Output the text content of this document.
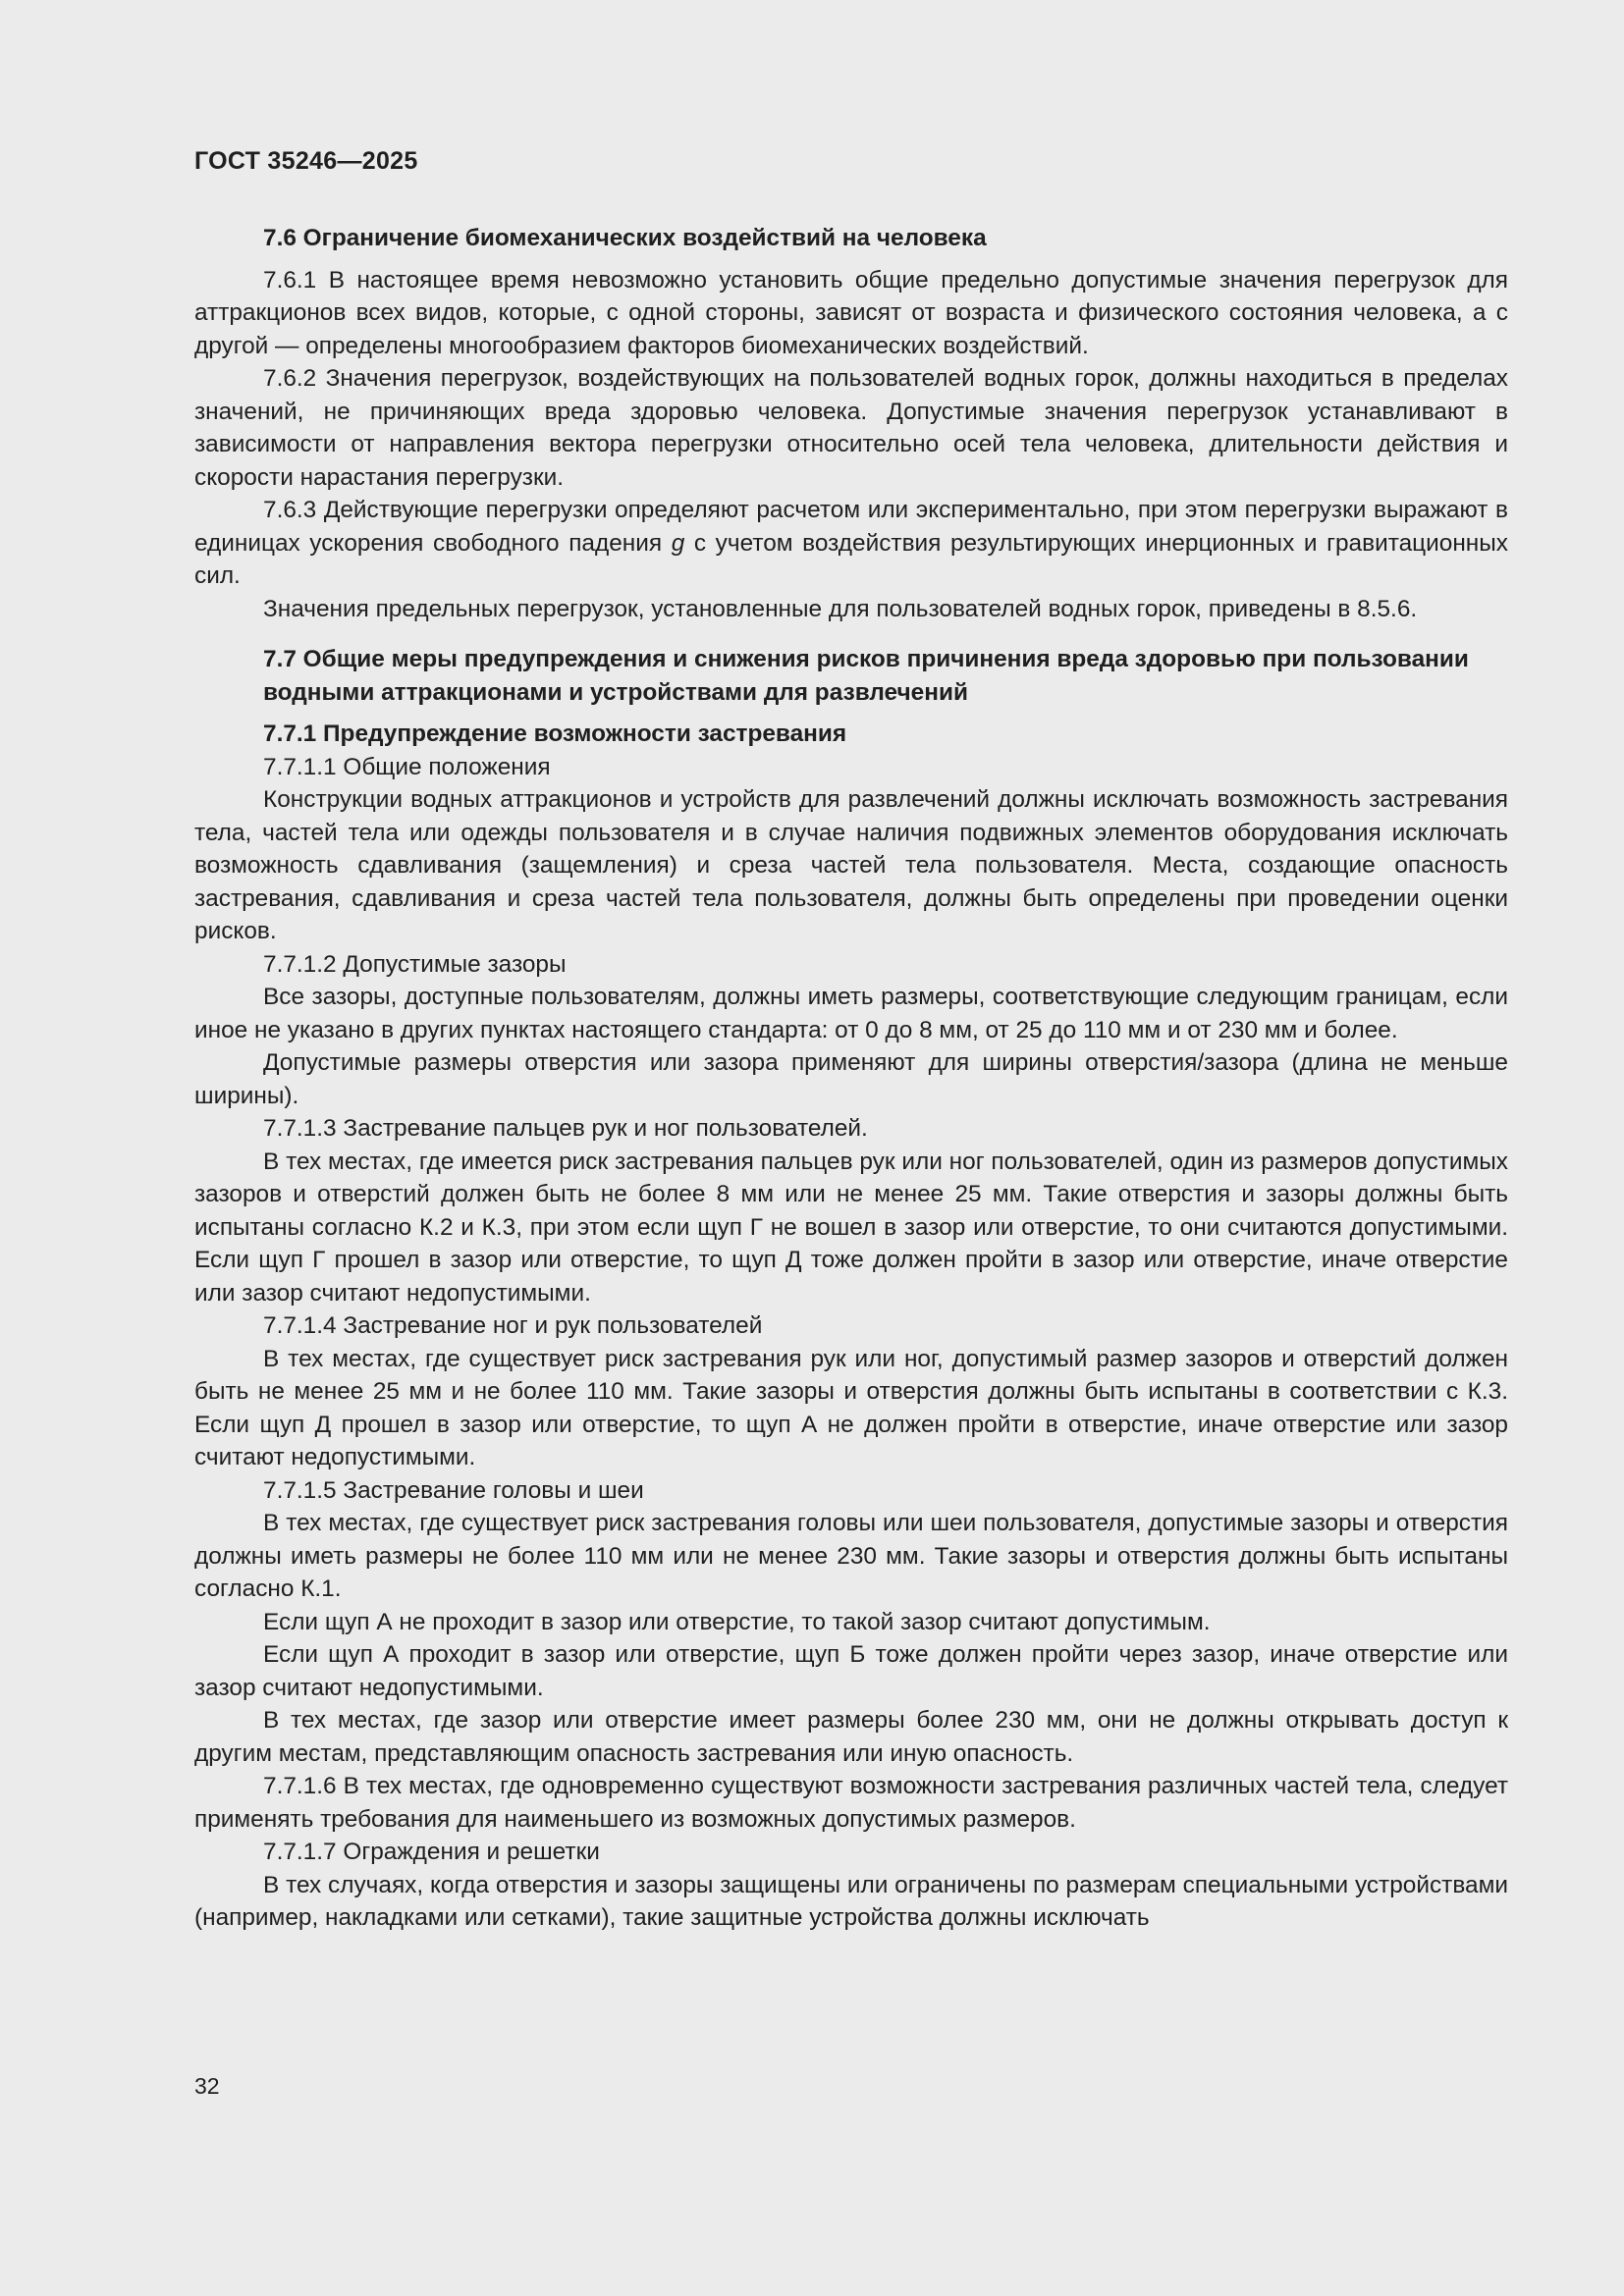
ГОСТ 35246—2025

7.6 Ограничение биомеханических воздействий на человека

7.6.1 В настоящее время невозможно установить общие предельно допустимые значения перегрузок для аттракционов всех видов, которые, с одной стороны, зависят от возраста и физического состояния человека, а с другой — определены многообразием факторов биомеханических воздействий.

7.6.2 Значения перегрузок, воздействующих на пользователей водных горок, должны находиться в пределах значений, не причиняющих вреда здоровью человека. Допустимые значения перегрузок устанавливают в зависимости от направления вектора перегрузки относительно осей тела человека, длительности действия и скорости нарастания перегрузки.

7.6.3 Действующие перегрузки определяют расчетом или экспериментально, при этом перегрузки выражают в единицах ускорения свободного падения g с учетом воздействия результирующих инерционных и гравитационных сил.

Значения предельных перегрузок, установленные для пользователей водных горок, приведены в 8.5.6.

7.7 Общие меры предупреждения и снижения рисков причинения вреда здоровью при пользовании водными аттракционами и устройствами для развлечений

7.7.1 Предупреждение возможности застревания

7.7.1.1 Общие положения

Конструкции водных аттракционов и устройств для развлечений должны исключать возможность застревания тела, частей тела или одежды пользователя и в случае наличия подвижных элементов оборудования исключать возможность сдавливания (защемления) и среза частей тела пользователя. Места, создающие опасность застревания, сдавливания и среза частей тела пользователя, должны быть определены при проведении оценки рисков.

7.7.1.2 Допустимые зазоры

Все зазоры, доступные пользователям, должны иметь размеры, соответствующие следующим границам, если иное не указано в других пунктах настоящего стандарта: от 0 до 8 мм, от 25 до 110 мм и от 230 мм и более.

Допустимые размеры отверстия или зазора применяют для ширины отверстия/зазора (длина не меньше ширины).

7.7.1.3 Застревание пальцев рук и ног пользователей.

В тех местах, где имеется риск застревания пальцев рук или ног пользователей, один из размеров допустимых зазоров и отверстий должен быть не более 8 мм или не менее 25 мм. Такие отверстия и зазоры должны быть испытаны согласно К.2 и К.3, при этом если щуп Г не вошел в зазор или отверстие, то они считаются допустимыми. Если щуп Г прошел в зазор или отверстие, то щуп Д тоже должен пройти в зазор или отверстие, иначе отверстие или зазор считают недопустимыми.

7.7.1.4 Застревание ног и рук пользователей

В тех местах, где существует риск застревания рук или ног, допустимый размер зазоров и отверстий должен быть не менее 25 мм и не более 110 мм. Такие зазоры и отверстия должны быть испытаны в соответствии с К.3. Если щуп Д прошел в зазор или отверстие, то щуп А не должен пройти в отверстие, иначе отверстие или зазор считают недопустимыми.

7.7.1.5 Застревание головы и шеи

В тех местах, где существует риск застревания головы или шеи пользователя, допустимые зазоры и отверстия должны иметь размеры не более 110 мм или не менее 230 мм. Такие зазоры и отверстия должны быть испытаны согласно К.1.

Если щуп А не проходит в зазор или отверстие, то такой зазор считают допустимым.

Если щуп А проходит в зазор или отверстие, щуп Б тоже должен пройти через зазор, иначе отверстие или зазор считают недопустимыми.

В тех местах, где зазор или отверстие имеет размеры более 230 мм, они не должны открывать доступ к другим местам, представляющим опасность застревания или иную опасность.

7.7.1.6 В тех местах, где одновременно существуют возможности застревания различных частей тела, следует применять требования для наименьшего из возможных допустимых размеров.

7.7.1.7 Ограждения и решетки

В тех случаях, когда отверстия и зазоры защищены или ограничены по размерам специальными устройствами (например, накладками или сетками), такие защитные устройства должны исключать

32
